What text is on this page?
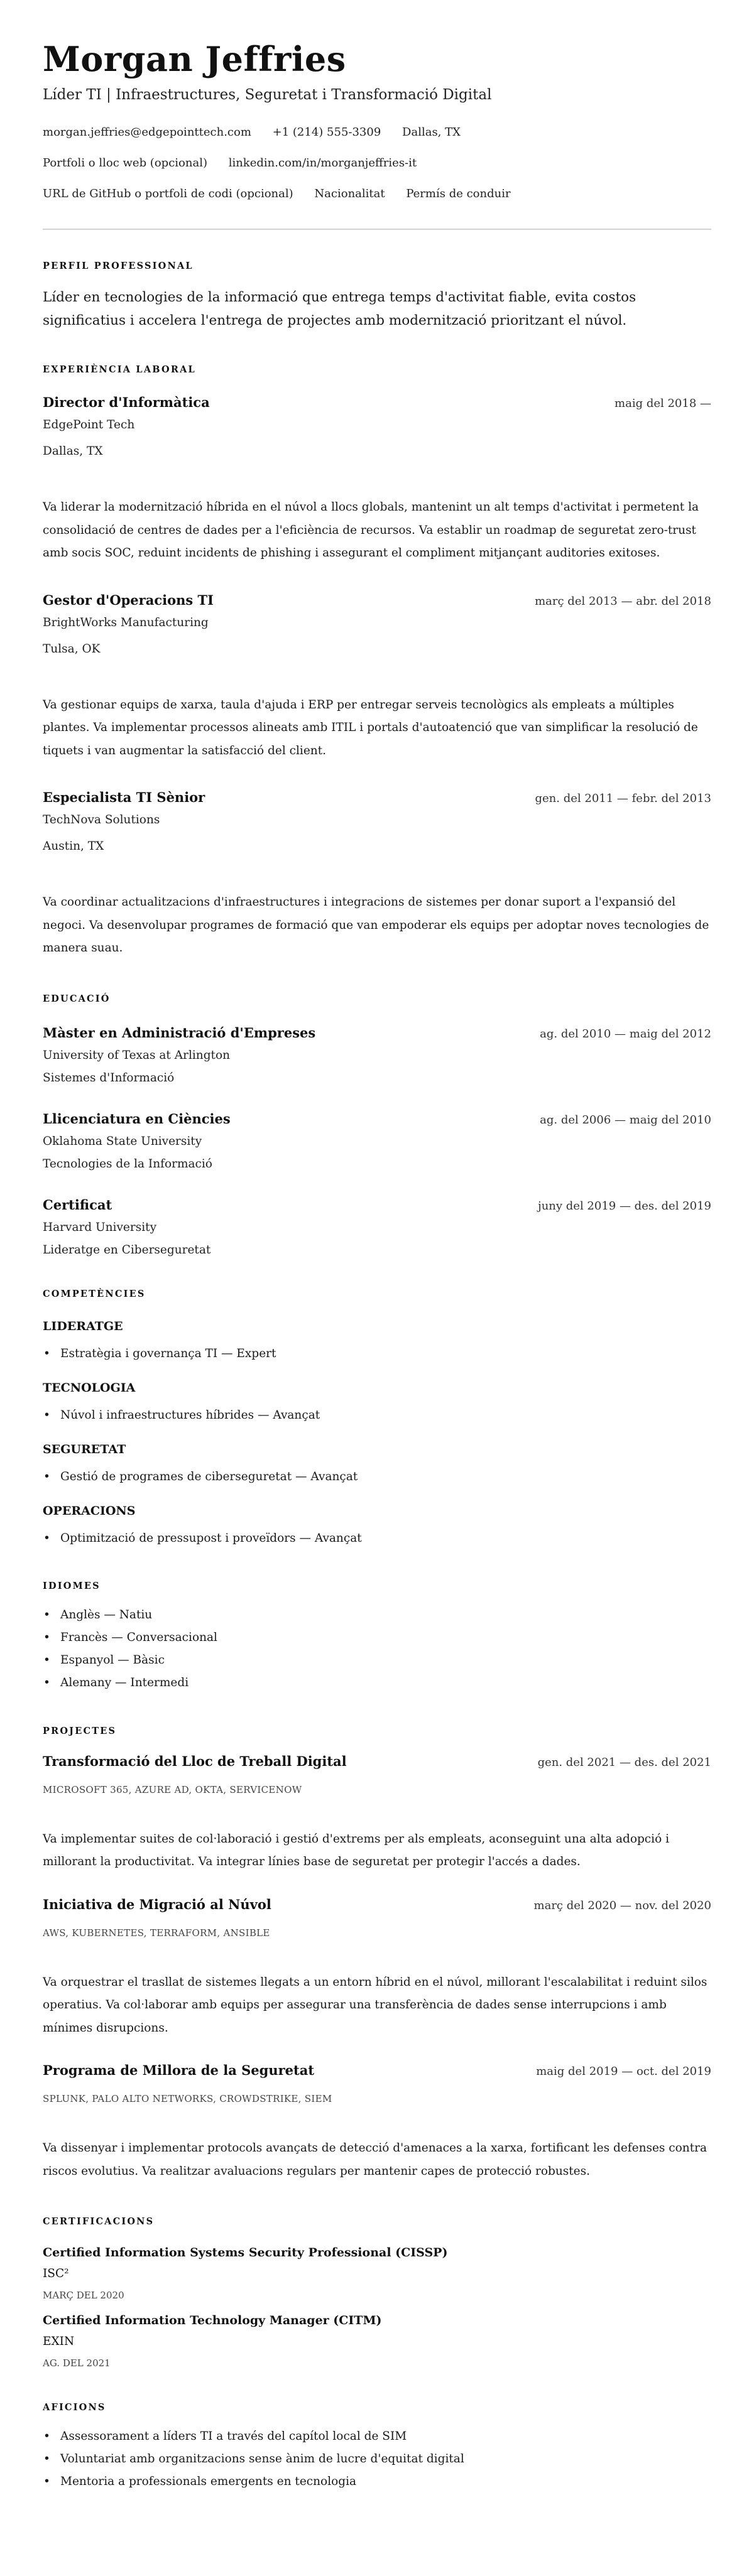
Morgan Jeffries
Líder TI | Infraestructures, Seguretat i Transformació Digital
morgan.jeffries@edgepointtech.com +1 (214) 555-3309 Dallas, TX
Portfoli o lloc web (opcional) linkedin.com/in/morganjeffries-it
URL de GitHub o portfoli de codi (opcional) Nacionalitat Permís de conduir
PERFIL PROFESSIONAL
Líder en tecnologies de la informació que entrega temps d'activitat fiable, evita costos significatius i accelera l'entrega de projectes amb modernització prioritzant el núvol.
EXPERIÈNCIA LABORAL
Director d'Informàtica	maig del 2018 —
EdgePoint Tech
Dallas, TX
Va liderar la modernització híbrida en el núvol a llocs globals, mantenint un alt temps d'activitat i permetent la consolidació de centres de dades per a l'eficiència de recursos. Va establir un roadmap de seguretat zero-trust amb socis SOC, reduint incidents de phishing i assegurant el compliment mitjançant auditories exitoses.
Gestor d'Operacions TI	març del 2013 — abr. del 2018
BrightWorks Manufacturing
Tulsa, OK
Va gestionar equips de xarxa, taula d'ajuda i ERP per entregar serveis tecnològics als empleats a múltiples plantes. Va implementar processos alineats amb ITIL i portals d'autoatenció que van simplificar la resolució de tiquets i van augmentar la satisfacció del client.
Especialista TI Sènior	gen. del 2011 — febr. del 2013
TechNova Solutions
Austin, TX
Va coordinar actualitzacions d'infraestructures i integracions de sistemes per donar suport a l'expansió del negoci. Va desenvolupar programes de formació que van empoderar els equips per adoptar noves tecnologies de manera suau.
EDUCACIÓ
Màster en Administració d'Empreses	ag. del 2010 — maig del 2012
University of Texas at Arlington
Sistemes d'Informació
Llicenciatura en Ciències	ag. del 2006 — maig del 2010
Oklahoma State University
Tecnologies de la Informació
Certificat	juny del 2019 — des. del 2019
Harvard University
Lideratge en Ciberseguretat
COMPETÈNCIES
LIDERATGE
• Estratègia i governança TI — Expert
TECNOLOGIA
• Núvol i infraestructures híbrides — Avançat
SEGURETAT
• Gestió de programes de ciberseguretat — Avançat
OPERACIONS
• Optimització de pressupost i proveïdors — Avançat
IDIOMES
• Anglès — Natiu
• Francès — Conversacional
• Espanyol — Bàsic
• Alemany — Intermedi
PROJECTES
Transformació del Lloc de Treball Digital	gen. del 2021 — des. del 2021
MICROSOFT 365, AZURE AD, OKTA, SERVICENOW
Va implementar suites de col·laboració i gestió d'extrems per als empleats, aconseguint una alta adopció i millorant la productivitat. Va integrar línies base de seguretat per protegir l'accés a dades.
Iniciativa de Migració al Núvol	març del 2020 — nov. del 2020
AWS, KUBERNETES, TERRAFORM, ANSIBLE
Va orquestrar el trasllat de sistemes llegats a un entorn híbrid en el núvol, millorant l'escalabilitat i reduint silos operatius. Va col·laborar amb equips per assegurar una transferència de dades sense interrupcions i amb mínimes disrupcions.
Programa de Millora de la Seguretat	maig del 2019 — oct. del 2019
SPLUNK, PALO ALTO NETWORKS, CROWDSTRIKE, SIEM
Va dissenyar i implementar protocols avançats de detecció d'amenaces a la xarxa, fortificant les defenses contra riscos evolutius. Va realitzar avaluacions regulars per mantenir capes de protecció robustes.
CERTIFICACIONS
Certified Information Systems Security Professional (CISSP)
ISC²
MARÇ DEL 2020
Certified Information Technology Manager (CITM)
EXIN
AG. DEL 2021
AFICIONS
• Assessorament a líders TI a través del capítol local de SIM
• Voluntariat amb organitzacions sense ànim de lucre d'equitat digital
• Mentoria a professionals emergents en tecnologia
